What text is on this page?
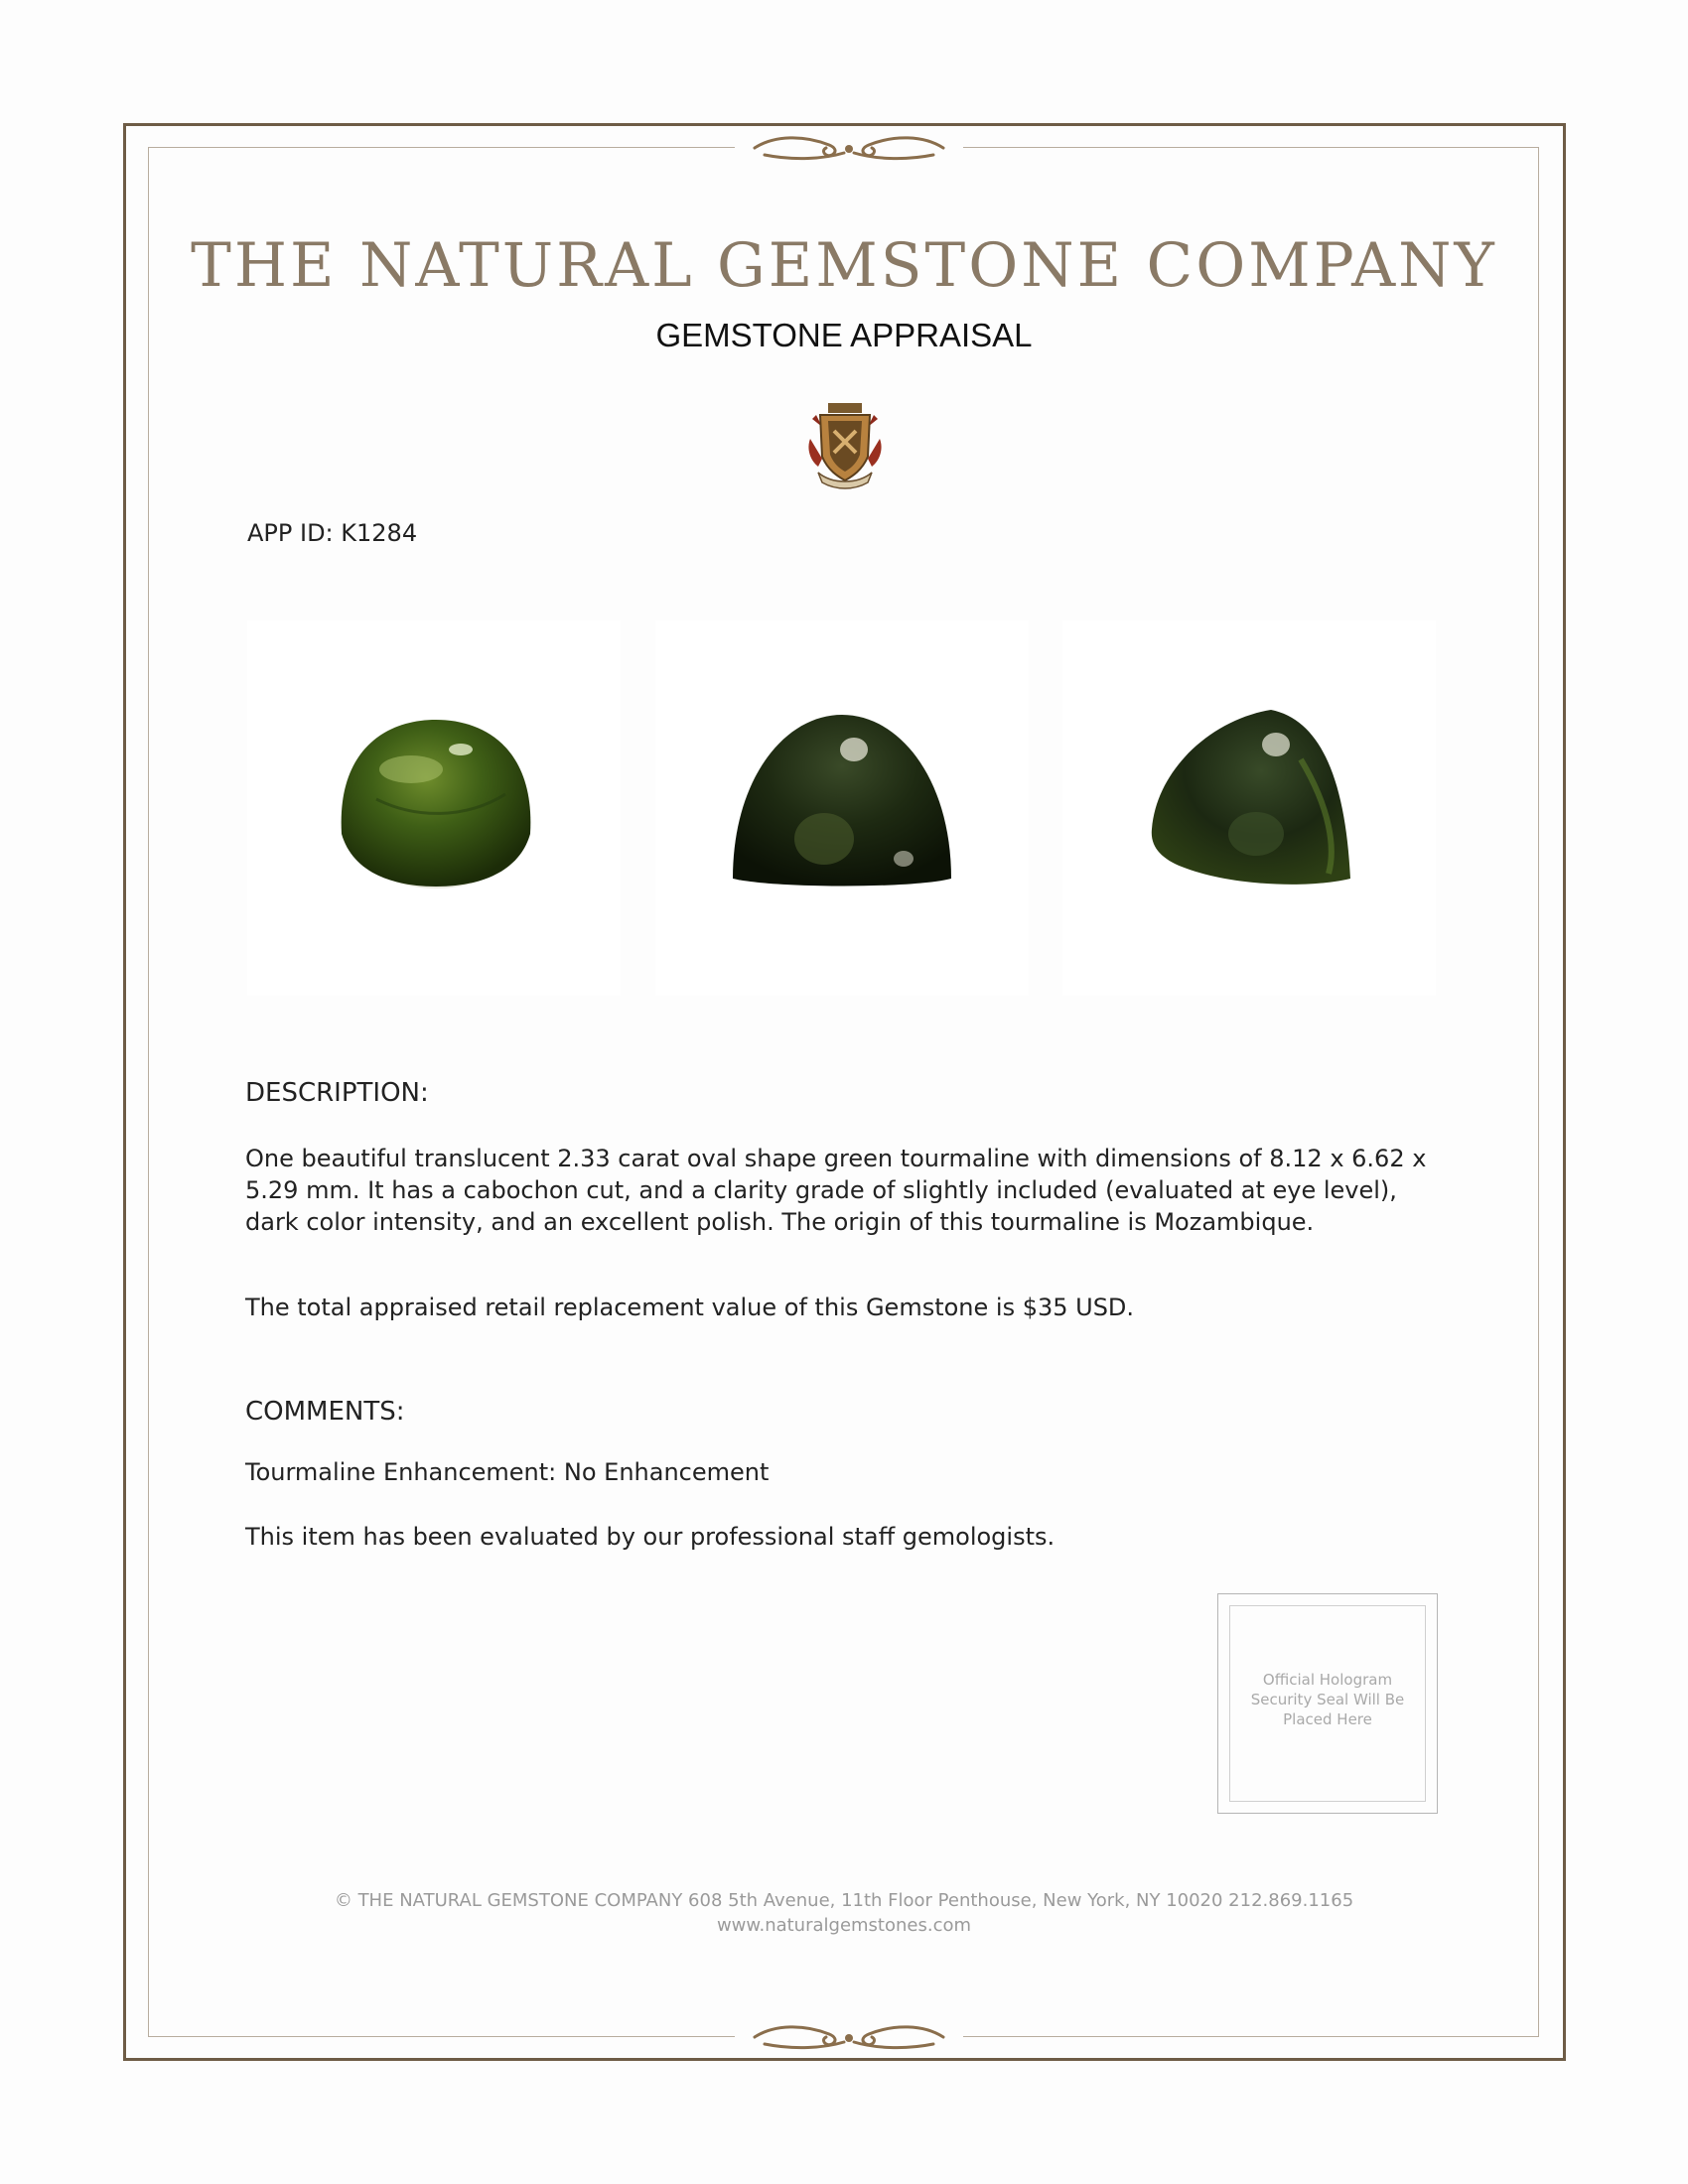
THE NATURAL GEMSTONE COMPANY
GEMSTONE APPRAISAL
APP ID: K1284
DESCRIPTION:
One beautiful translucent 2.33 carat oval shape green tourmaline with dimensions of 8.12 x 6.62 x 5.29 mm. It has a cabochon cut, and a clarity grade of slightly included (evaluated at eye level), dark color intensity, and an excellent polish. The origin of this tourmaline is Mozambique.
The total appraised retail replacement value of this Gemstone is $35 USD.
COMMENTS:
Tourmaline Enhancement: No Enhancement
This item has been evaluated by our professional staff gemologists.
Official Hologram Security Seal Will Be Placed Here
© THE NATURAL GEMSTONE COMPANY 608 5th Avenue, 11th Floor Penthouse, New York, NY 10020 212.869.1165
www.naturalgemstones.com
